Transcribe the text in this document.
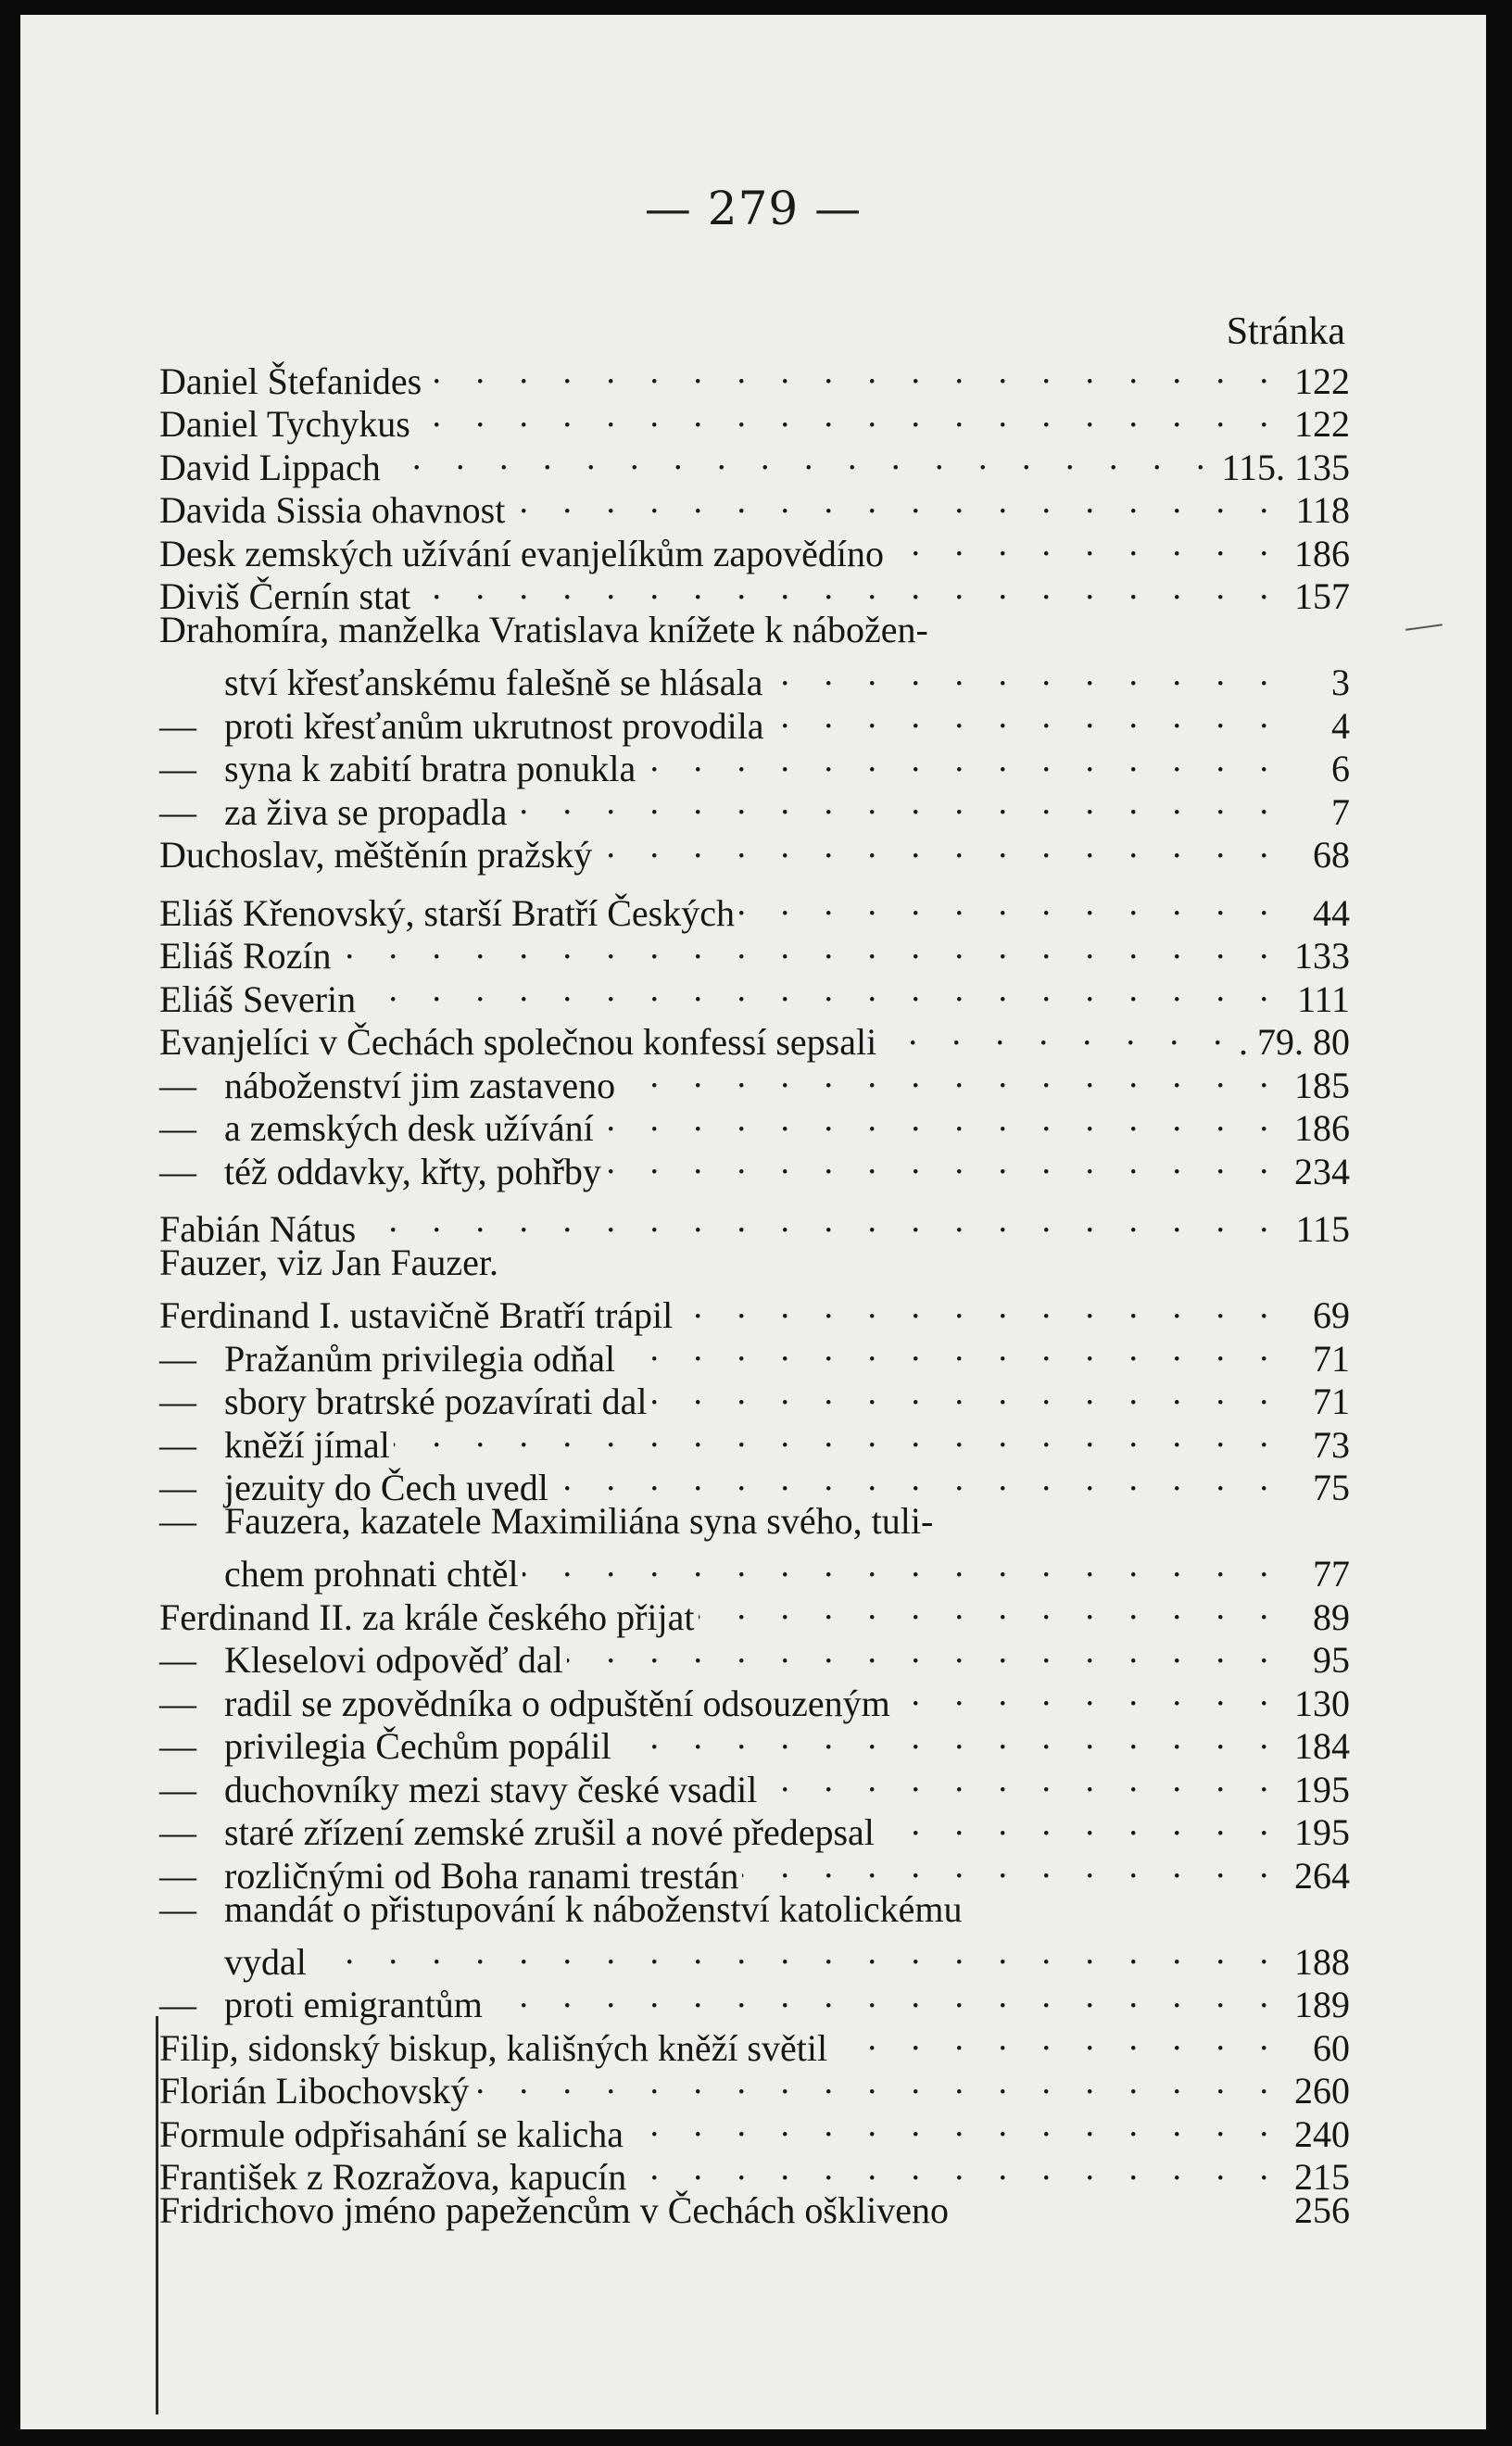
— 279 —
Stránka
Daniel Štefanides . . .	122
Daniel Tychykus . . .	122
David Lippach . . .	115. 135
Davida Sissia ohavnost . . .	118
Desk zemských užívání evanjelíkům zapovědíno . . .	186
Diviš Černín stat . . .	157
Drahomíra, manželka Vratislava knížete k nábožen-
ství křesťanskému falešně se hlásala . . .	3
— proti křesťanům ukrutnost provodila . . .	4
— syna k zabití bratra ponukla . . .	6
— za živa se propadla . . .	7
Duchoslav, měštěnín pražský . . .	68
Eliáš Křenovský, starší Bratří Českých . . .	44
Eliáš Rozín . . .	133
Eliáš Severin . . .	111
Evanjelíci v Čechách společnou konfessí sepsali . . .	. 79. 80
— náboženství jim zastaveno . . .	185
— a zemských desk užívání . . .	186
— též oddavky, křty, pohřby . . .	234
Fabián Nátus . . .	115
Fauzer, viz Jan Fauzer.
Ferdinand I. ustavičně Bratří trápil . . .	69
— Pražanům privilegia odňal . . .	71
— sbory bratrské pozavírati dal . . .	71
— kněží jímal . . .	73
— jezuity do Čech uvedl . . .	75
— Fauzera, kazatele Maximiliána syna svého, tuli-
chem prohnati chtěl . . .	77
Ferdinand II. za krále českého přijat . . .	89
— Kleselovi odpověď dal . . .	95
— radil se zpovědníka o odpuštění odsouzeným . . .	130
— privilegia Čechům popálil . . .	184
— duchovníky mezi stavy české vsadil . . .	195
— staré zřízení zemské zrušil a nové předepsal . . .	195
— rozličnými od Boha ranami trestán . . .	264
— mandát o přistupování k náboženství katolickému
vydal . . .	188
— proti emigrantům . . .	189
Filip, sidonský biskup, kališných kněží světil . . .	60
Florián Libochovský . . .	260
Formule odpřisahání se kalicha . . .	240
František z Rozražova, kapucín . . .	215
Fridrichovo jméno papežencům v Čechách oškliveno	256
